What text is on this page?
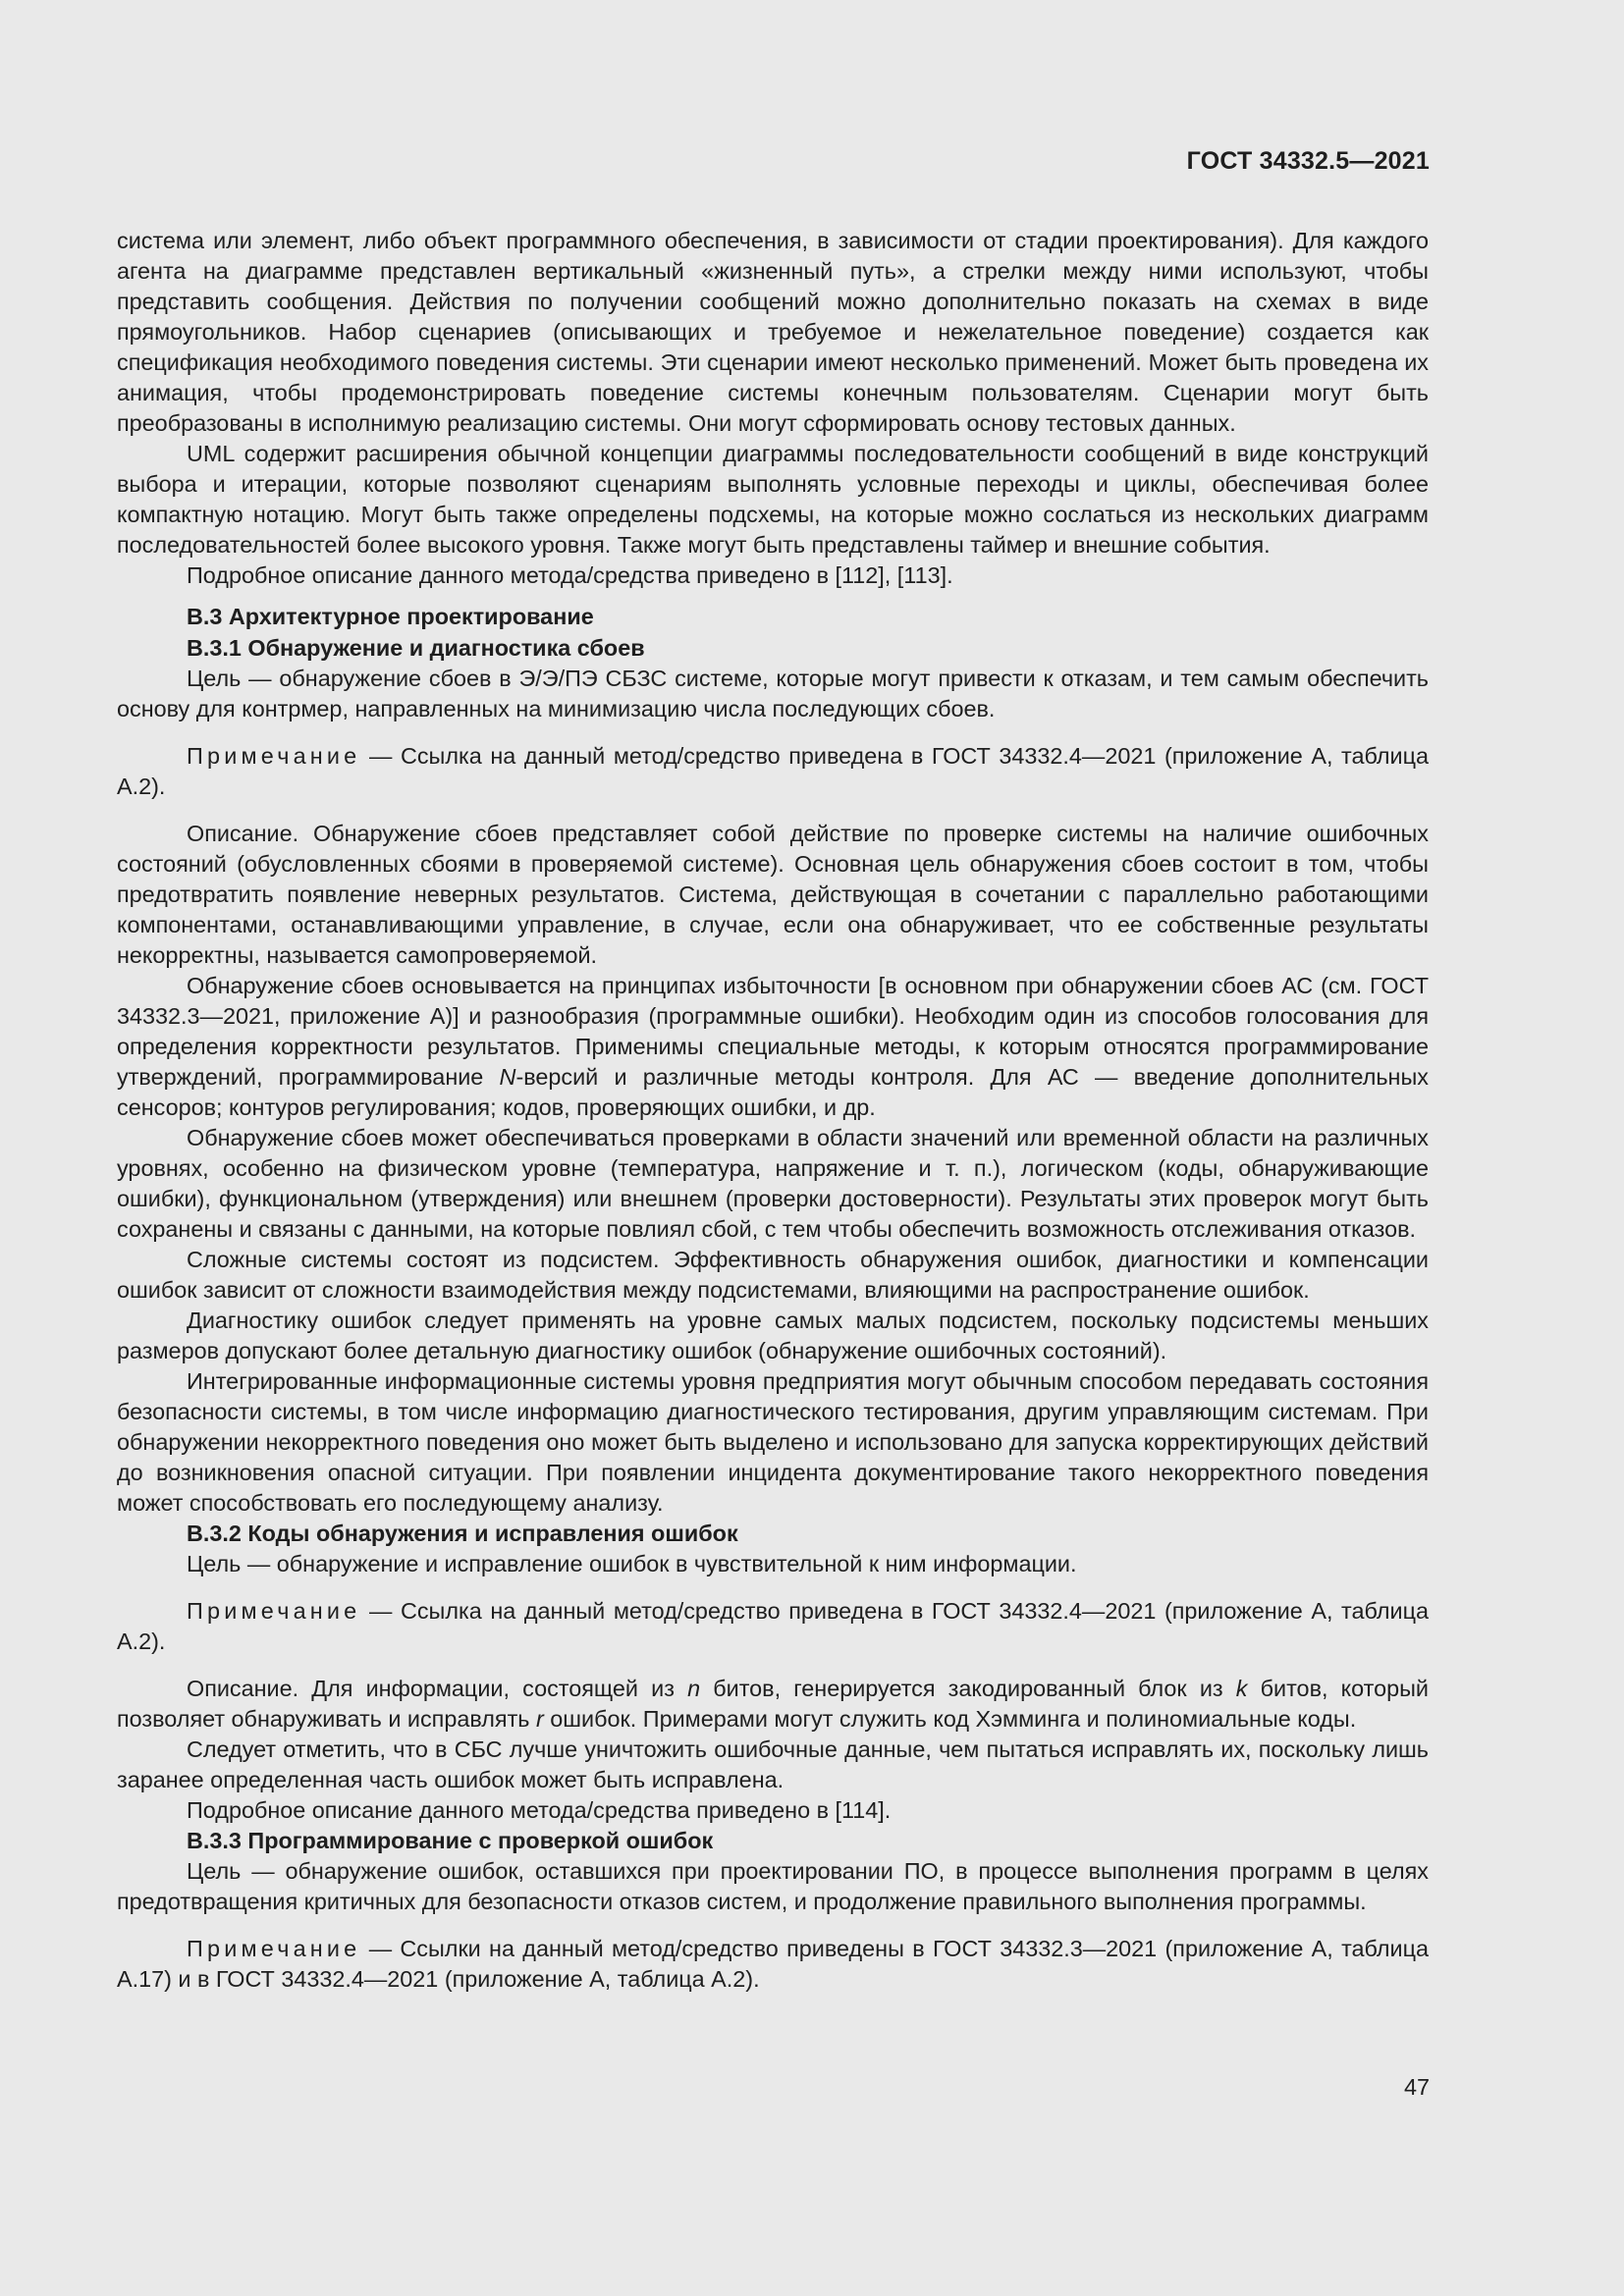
ГОСТ 34332.5—2021

система или элемент, либо объект программного обеспечения, в зависимости от стадии проектирования). Для каждого агента на диаграмме представлен вертикальный «жизненный путь», а стрелки между ними используют, чтобы представить сообщения. Действия по получении сообщений можно дополнительно показать на схемах в виде прямоугольников. Набор сценариев (описывающих и требуемое и нежелательное поведение) создается как спецификация необходимого поведения системы. Эти сценарии имеют несколько применений. Может быть проведена их анимация, чтобы продемонстрировать поведение системы конечным пользователям. Сценарии могут быть преобразованы в исполнимую реализацию системы. Они могут сформировать основу тестовых данных.

UML содержит расширения обычной концепции диаграммы последовательности сообщений в виде конструкций выбора и итерации, которые позволяют сценариям выполнять условные переходы и циклы, обеспечивая более компактную нотацию. Могут быть также определены подсхемы, на которые можно сослаться из нескольких диаграмм последовательностей более высокого уровня. Также могут быть представлены таймер и внешние события.

Подробное описание данного метода/средства приведено в [112], [113].

В.3 Архитектурное проектирование

В.3.1 Обнаружение и диагностика сбоев

Цель — обнаружение сбоев в Э/Э/ПЭ СБЗС системе, которые могут привести к отказам, и тем самым обеспечить основу для контрмер, направленных на минимизацию числа последующих сбоев.

Примечание — Ссылка на данный метод/средство приведена в ГОСТ 34332.4—2021 (приложение А, таблица А.2).

Описание. Обнаружение сбоев представляет собой действие по проверке системы на наличие ошибочных состояний (обусловленных сбоями в проверяемой системе). Основная цель обнаружения сбоев состоит в том, чтобы предотвратить появление неверных результатов. Система, действующая в сочетании с параллельно работающими компонентами, останавливающими управление, в случае, если она обнаруживает, что ее собственные результаты некорректны, называется самопроверяемой.

Обнаружение сбоев основывается на принципах избыточности [в основном при обнаружении сбоев АС (см. ГОСТ 34332.3—2021, приложение А)] и разнообразия (программные ошибки). Необходим один из способов голосования для определения корректности результатов. Применимы специальные методы, к которым относятся программирование утверждений, программирование N-версий и различные методы контроля. Для АС — введение дополнительных сенсоров; контуров регулирования; кодов, проверяющих ошибки, и др.

Обнаружение сбоев может обеспечиваться проверками в области значений или временной области на различных уровнях, особенно на физическом уровне (температура, напряжение и т. п.), логическом (коды, обнаруживающие ошибки), функциональном (утверждения) или внешнем (проверки достоверности). Результаты этих проверок могут быть сохранены и связаны с данными, на которые повлиял сбой, с тем чтобы обеспечить возможность отслеживания отказов.

Сложные системы состоят из подсистем. Эффективность обнаружения ошибок, диагностики и компенсации ошибок зависит от сложности взаимодействия между подсистемами, влияющими на распространение ошибок.

Диагностику ошибок следует применять на уровне самых малых подсистем, поскольку подсистемы меньших размеров допускают более детальную диагностику ошибок (обнаружение ошибочных состояний).

Интегрированные информационные системы уровня предприятия могут обычным способом передавать состояния безопасности системы, в том числе информацию диагностического тестирования, другим управляющим системам. При обнаружении некорректного поведения оно может быть выделено и использовано для запуска корректирующих действий до возникновения опасной ситуации. При появлении инцидента документирование такого некорректного поведения может способствовать его последующему анализу.

В.3.2 Коды обнаружения и исправления ошибок

Цель — обнаружение и исправление ошибок в чувствительной к ним информации.

Примечание — Ссылка на данный метод/средство приведена в ГОСТ 34332.4—2021 (приложение А, таблица А.2).

Описание. Для информации, состоящей из n битов, генерируется закодированный блок из k битов, который позволяет обнаруживать и исправлять r ошибок. Примерами могут служить код Хэмминга и полиномиальные коды.

Следует отметить, что в СБС лучше уничтожить ошибочные данные, чем пытаться исправлять их, поскольку лишь заранее определенная часть ошибок может быть исправлена.

Подробное описание данного метода/средства приведено в [114].

В.3.3 Программирование с проверкой ошибок

Цель — обнаружение ошибок, оставшихся при проектировании ПО, в процессе выполнения программ в целях предотвращения критичных для безопасности отказов систем, и продолжение правильного выполнения программы.

Примечание — Ссылки на данный метод/средство приведены в ГОСТ 34332.3—2021 (приложение А, таблица А.17) и в ГОСТ 34332.4—2021 (приложение А, таблица А.2).

47
